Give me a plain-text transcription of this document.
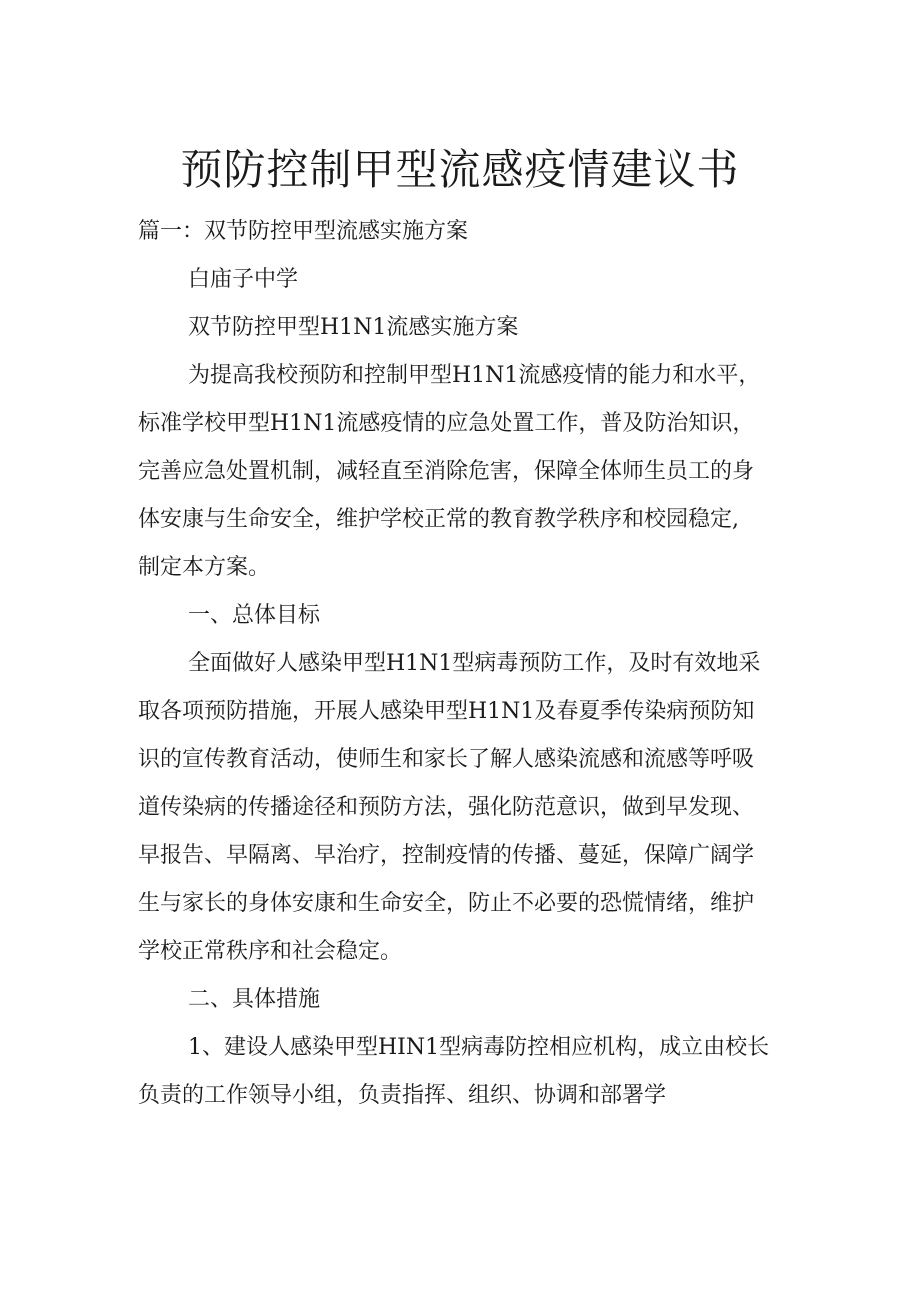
预防控制甲型流感疫情建议书

篇一：双节防控甲型流感实施方案

白庙子中学

双节防控甲型H1N1流感实施方案

为提高我校预防和控制甲型H1N1流感疫情的能力和水平，

标准学校甲型H1N1流感疫情的应急处置工作，普及防治知识，

完善应急处置机制，减轻直至消除危害，保障全体师生员工的身

体安康与生命安全，维护学校正常的教育教学秩序和校园稳定,

制定本方案。

一、总体目标

全面做好人感染甲型H1N1型病毒预防工作，及时有效地采

取各项预防措施，开展人感染甲型H1N1及春夏季传染病预防知

识的宣传教育活动，使师生和家长了解人感染流感和流感等呼吸

道传染病的传播途径和预防方法，强化防范意识，做到早发现、

早报告、早隔离、早治疗，控制疫情的传播、蔓延，保障广阔学

生与家长的身体安康和生命安全，防止不必要的恐慌情绪，维护

学校正常秩序和社会稳定。

二、具体措施

1、建设人感染甲型HIN1型病毒防控相应机构，成立由校长

负责的工作领导小组，负责指挥、组织、协调和部署学
